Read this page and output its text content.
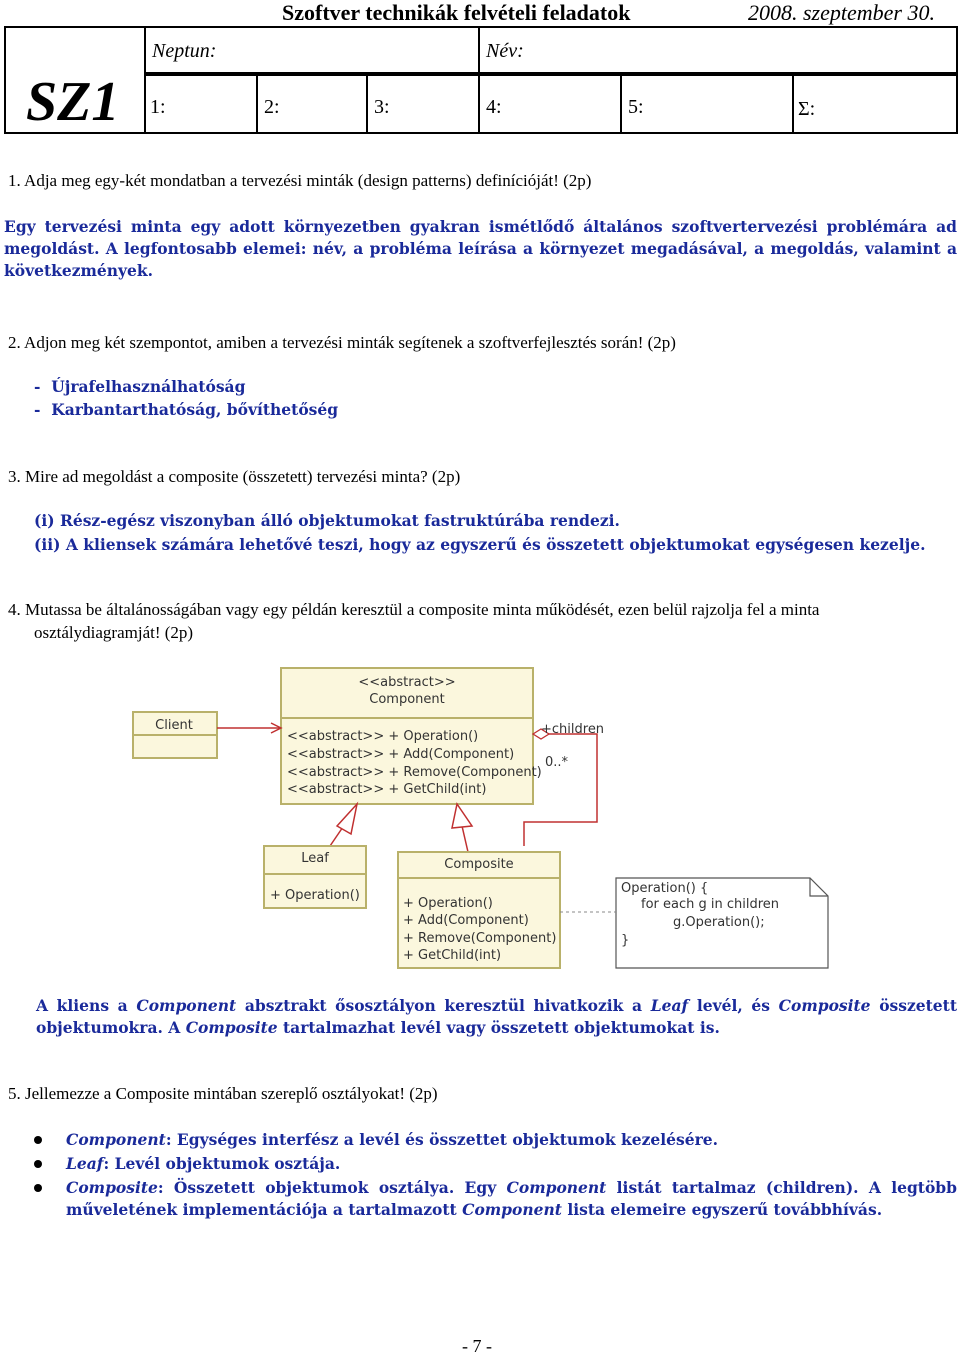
Szoftver technikák felvételi feladatok	2008. szeptember 30.
SZ1
Neptun:	Név:
1:	2:	3:	4:	5:	Σ:
1. Adja meg egy-két mondatban a tervezési minták (design patterns) definícióját! (2p)
Egy tervezési minta egy adott környezetben gyakran ismétlődő általános szoftvertervezési problémára ad megoldást. A legfontosabb elemei: név, a probléma leírása a környezet megadásával, a megoldás, valamint a következmények.
2. Adjon meg két szempontot, amiben a tervezési minták segítenek a szoftverfejlesztés során! (2p)
-  Újrafelhasználhatóság
-  Karbantarthatóság, bővíthetőség
3. Mire ad megoldást a composite (összetett) tervezési minta? (2p)
(i) Rész-egész viszonyban álló objektumokat fastruktúrába rendezi.
(ii) A kliensek számára lehetővé teszi, hogy az egyszerű és összetett objektumokat egységesen kezelje.
4. Mutassa be általánosságában vagy egy példán keresztül a composite minta működését, ezen belül rajzolja fel a minta
osztálydiagramját! (2p)
<<abstract>>
Component
<<abstract>> + Operation()
<<abstract>> + Add(Component)
<<abstract>> + Remove(Component)
<<abstract>> + GetChild(int)
Client	+children
0..*
Leaf
+ Operation()
Composite
+ Operation()
+ Add(Component)
+ Remove(Component)
+ GetChild(int)
Operation() {
for each g in children
g.Operation();
}
A kliens a Component absztrakt ősosztályon keresztül hivatkozik a Leaf levél, és Composite összetett objektumokra. A Composite tartalmazhat levél vagy összetett objektumokat is.
5. Jellemezze a Composite mintában szereplő osztályokat! (2p)
Component: Egységes interfész a levél és összettet objektumok kezelésére.
Leaf: Levél objektumok osztája.
Composite: Összetett objektumok osztálya. Egy Component listát tartalmaz (children). A legtöbb műveletének implementációja a tartalmazott Component lista elemeire egyszerű továbbhívás.
- 7 -
